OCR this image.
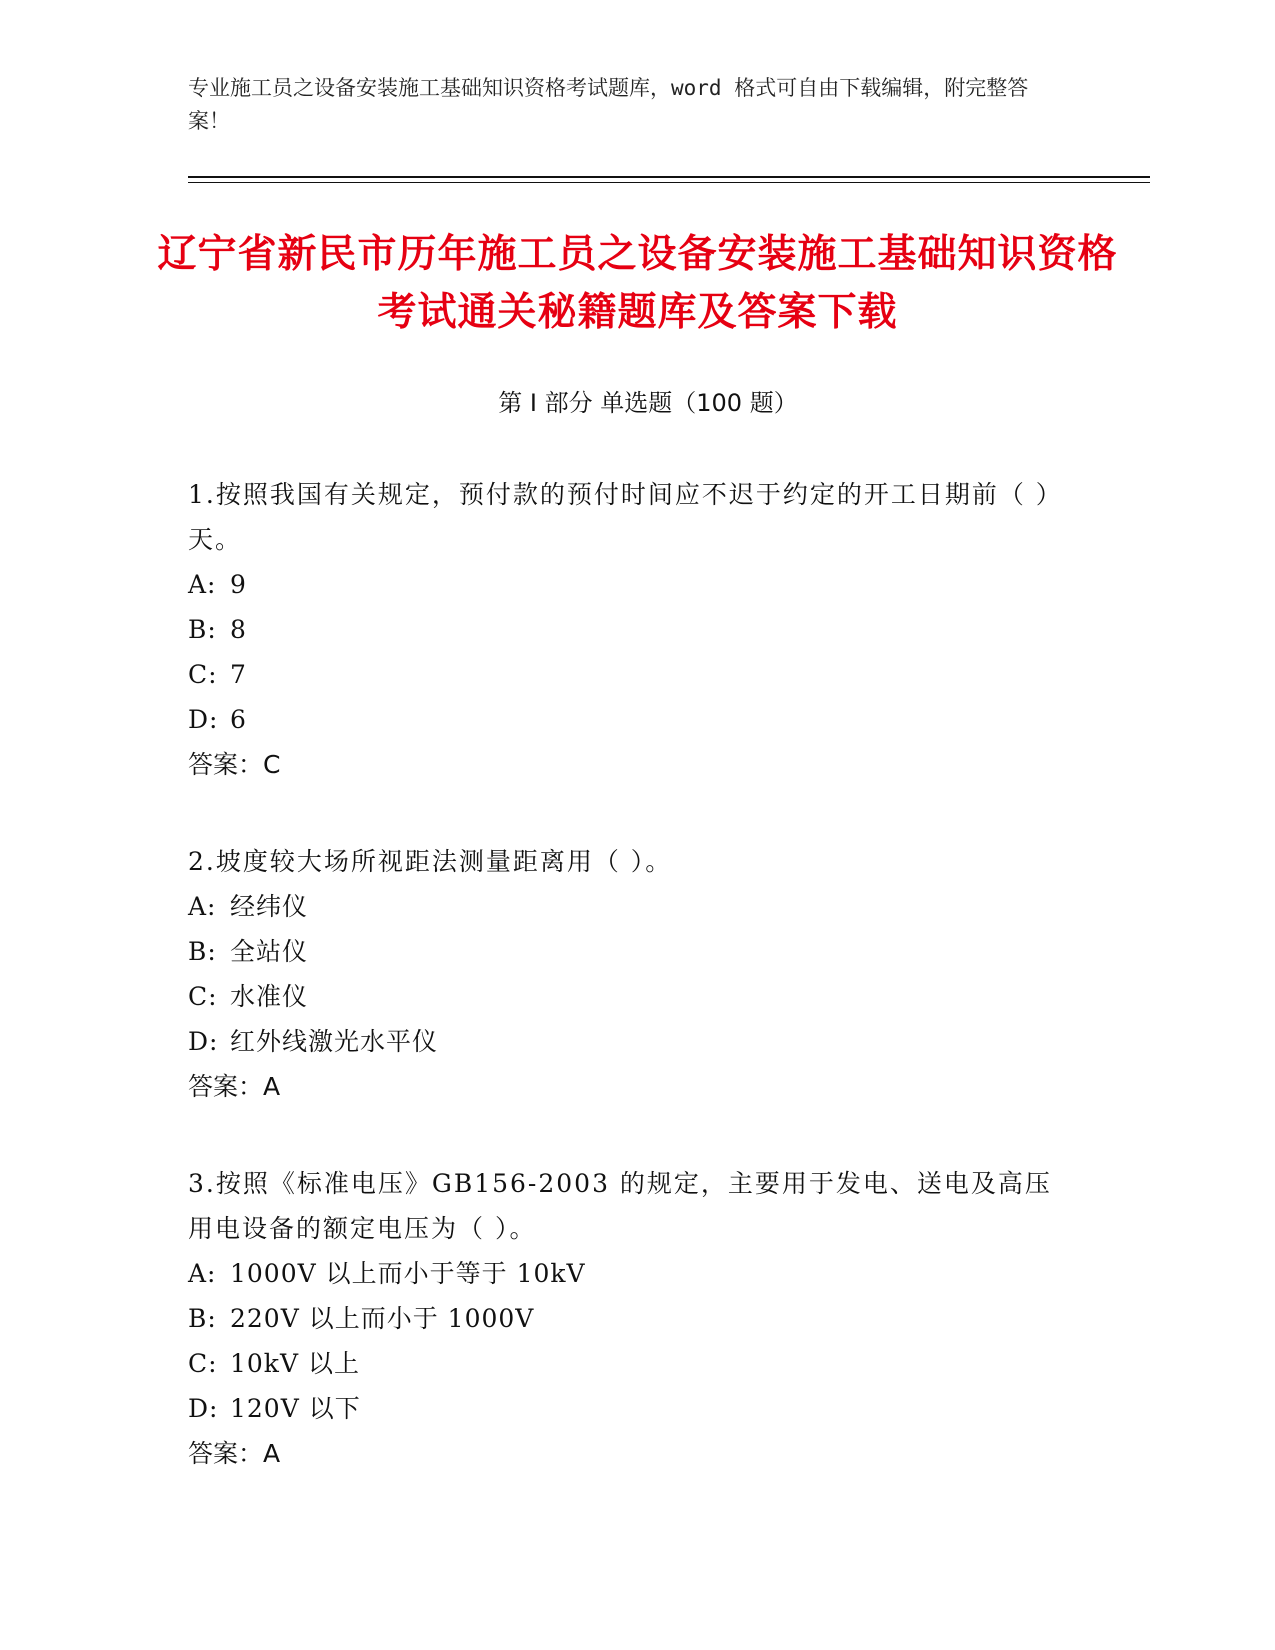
专业施工员之设备安装施工基础知识资格考试题库，word 格式可自由下载编辑，附完整答案！
辽宁省新民市历年施工员之设备安装施工基础知识资格考试通关秘籍题库及答案下载
第 I 部分 单选题（100 题）
1.按照我国有关规定，预付款的预付时间应不迟于约定的开工日期前（ ）天。
A: 9
B: 8
C: 7
D: 6
答案：C
2.坡度较大场所视距法测量距离用（ ）。
A: 经纬仪
B: 全站仪
C: 水准仪
D: 红外线激光水平仪
答案：A
3.按照《标准电压》GB156-2003 的规定，主要用于发电、送电及高压用电设备的额定电压为（ ）。
A: 1000V 以上而小于等于 10kV
B: 220V 以上而小于 1000V
C: 10kV 以上
D: 120V 以下
答案：A
